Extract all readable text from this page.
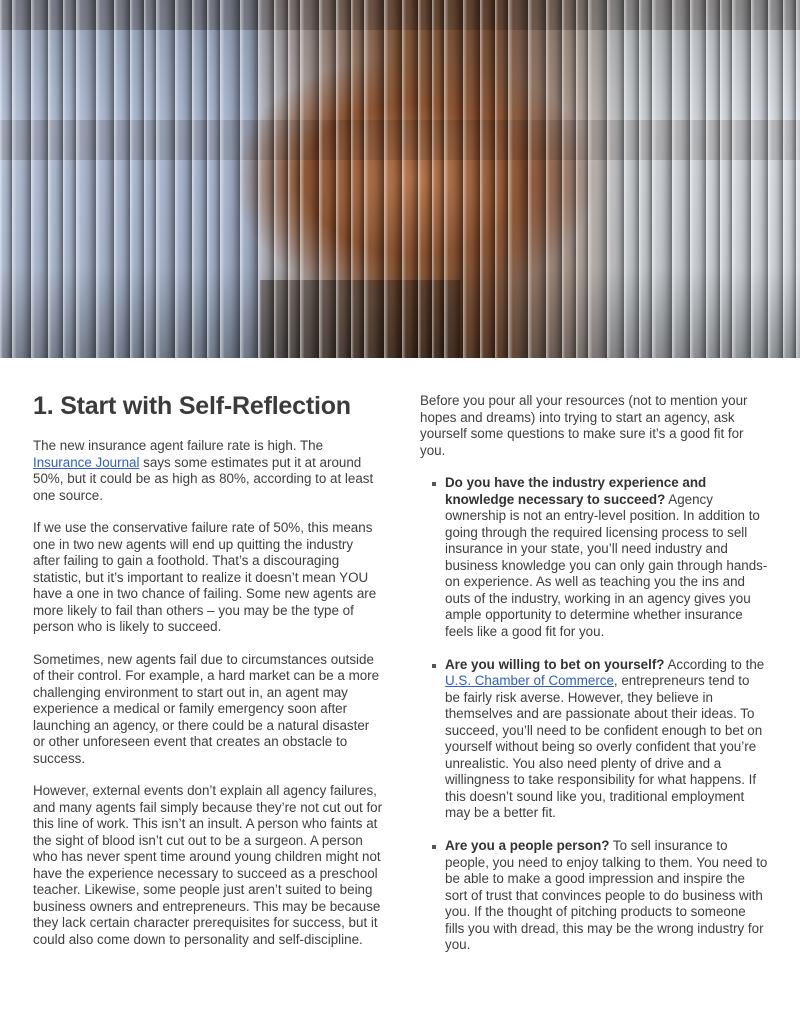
1. Start with Self-Reflection

The new insurance agent failure rate is high. The Insurance Journal says some estimates put it at around 50%, but it could be as high as 80%, according to at least one source.

If we use the conservative failure rate of 50%, this means one in two new agents will end up quitting the industry after failing to gain a foothold. That’s a discouraging statistic, but it’s important to realize it doesn’t mean YOU have a one in two chance of failing. Some new agents are more likely to fail than others – you may be the type of person who is likely to succeed.

Sometimes, new agents fail due to circumstances outside of their control. For example, a hard market can be a more challenging environment to start out in, an agent may experience a medical or family emergency soon after launching an agency, or there could be a natural disaster or other unforeseen event that creates an obstacle to success.

However, external events don’t explain all agency failures, and many agents fail simply because they’re not cut out for this line of work. This isn’t an insult. A person who faints at the sight of blood isn’t cut out to be a surgeon. A person who has never spent time around young children might not have the experience necessary to succeed as a preschool teacher. Likewise, some people just aren’t suited to being business owners and entrepreneurs. This may be because they lack certain character prerequisites for success, but it could also come down to personality and self-discipline.

Before you pour all your resources (not to mention your hopes and dreams) into trying to start an agency, ask yourself some questions to make sure it’s a good fit for you.

Do you have the industry experience and knowledge necessary to succeed? Agency ownership is not an entry-level position. In addition to going through the required licensing process to sell insurance in your state, you’ll need industry and business knowledge you can only gain through hands-on experience. As well as teaching you the ins and outs of the industry, working in an agency gives you ample opportunity to determine whether insurance feels like a good fit for you.
Are you willing to bet on yourself? According to the U.S. Chamber of Commerce, entrepreneurs tend to be fairly risk averse. However, they believe in themselves and are passionate about their ideas. To succeed, you’ll need to be confident enough to bet on yourself without being so overly confident that you’re unrealistic. You also need plenty of drive and a willingness to take responsibility for what happens. If this doesn’t sound like you, traditional employment may be a better fit.
Are you a people person? To sell insurance to people, you need to enjoy talking to them. You need to be able to make a good impression and inspire the sort of trust that convinces people to do business with you. If the thought of pitching products to someone fills you with dread, this may be the wrong industry for you.
